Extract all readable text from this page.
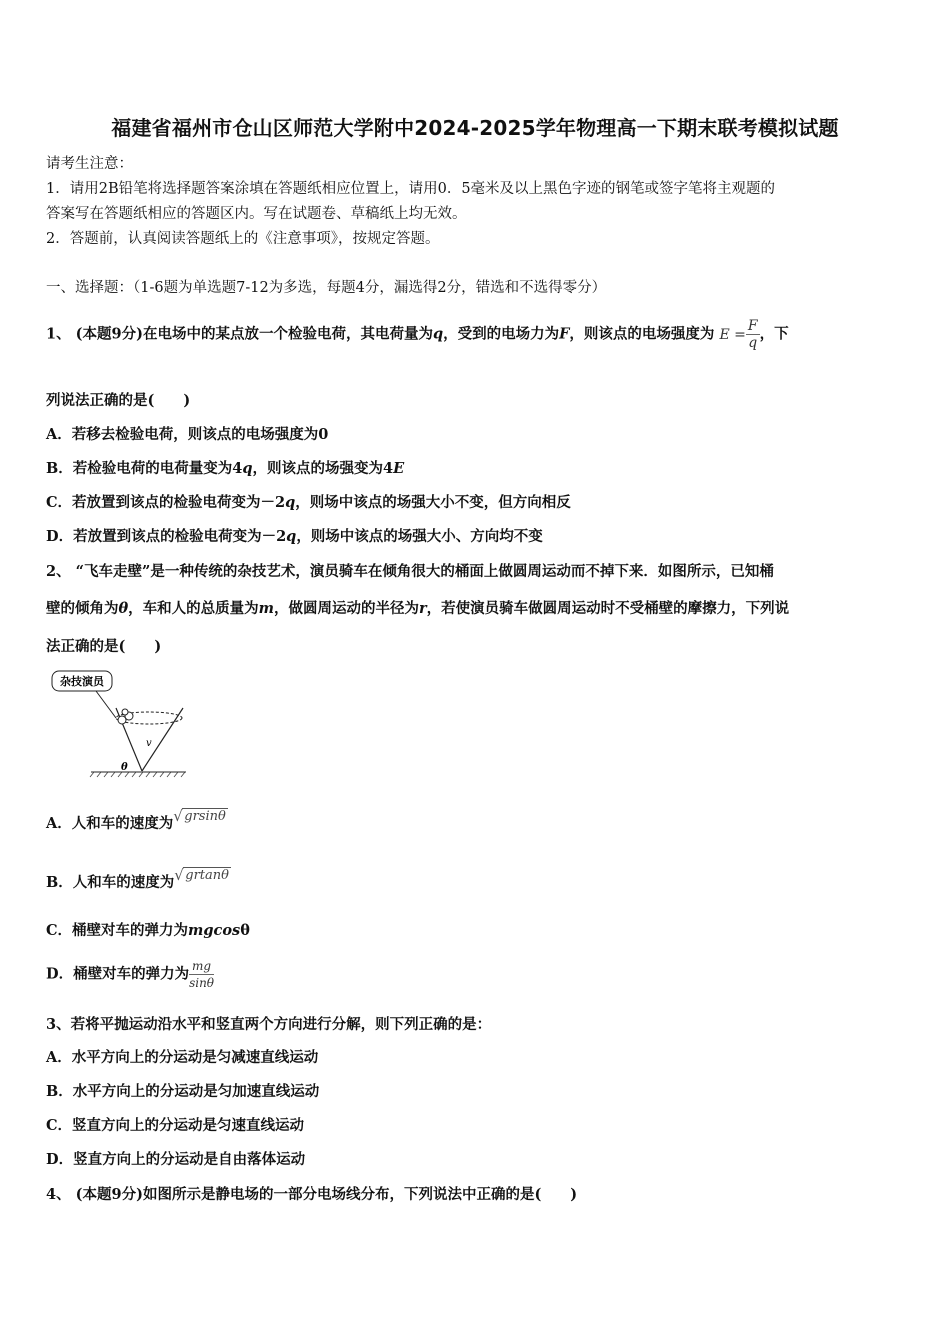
福建省福州市仓山区师范大学附中2024-2025学年物理高一下期末联考模拟试题
请考生注意：
1．请用2B铅笔将选择题答案涂填在答题纸相应位置上，请用0．5毫米及以上黑色字迹的钢笔或签字笔将主观题的
答案写在答题纸相应的答题区内。写在试题卷、草稿纸上均无效。
2．答题前，认真阅读答题纸上的《注意事项》，按规定答题。
一、选择题：（1-6题为单选题7-12为多选，每题4分，漏选得2分，错选和不选得零分）
1、 (本题9分)在电场中的某点放一个检验电荷，其电荷量为q，受到的电场力为F，则该点的电场强度为 $E = \frac{F}{q}$ ，下
列说法正确的是(　　)
A．若移去检验电荷，则该点的电场强度为0
B．若检验电荷的电荷量变为4q，则该点的场强变为4E
C．若放置到该点的检验电荷变为－2q，则场中该点的场强大小不变，但方向相反
D．若放置到该点的检验电荷变为－2q，则场中该点的场强大小、方向均不变
2、 “飞车走壁”是一种传统的杂技艺术，演员骑车在倾角很大的桶面上做圆周运动而不掉下来．如图所示，已知桶
壁的倾角为θ，车和人的总质量为m，做圆周运动的半径为r，若使演员骑车做圆周运动时不受桶壁的摩擦力，下列说
法正确的是(　　)
杂技演员
v
θ
A．人和车的速度为 √ grsinθ
B．人和车的速度为 √ grtanθ
C．桶壁对车的弹力为mgcosθ
D．桶壁对车的弹力为 $\frac{mg}{\sin\theta}$
3、若将平抛运动沿水平和竖直两个方向进行分解，则下列正确的是：
A．水平方向上的分运动是匀减速直线运动
B．水平方向上的分运动是匀加速直线运动
C．竖直方向上的分运动是匀速直线运动
D．竖直方向上的分运动是自由落体运动
4、 (本题9分)如图所示是静电场的一部分电场线分布，下列说法中正确的是(　　)
